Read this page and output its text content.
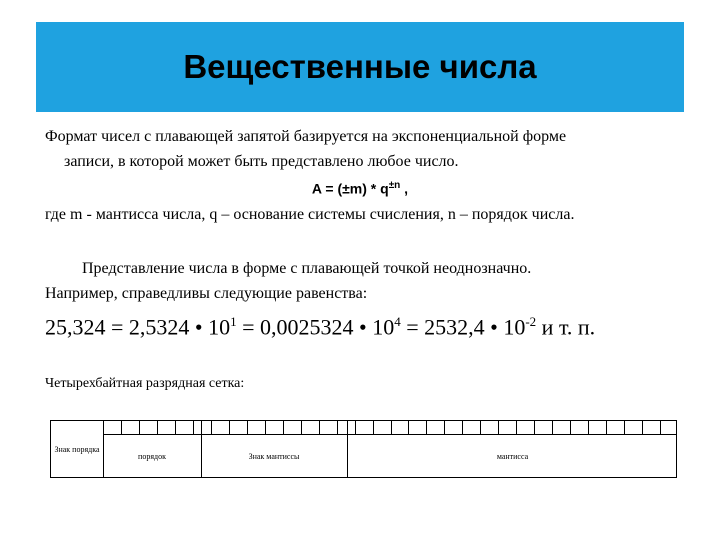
Вещественные числа
Формат чисел с плавающей запятой базируется на экспоненциальной форме
записи, в которой может быть представлено любое число.
$A = (\pm m) * q^{\pm n}$ ,
где m - мантисса числа, q – основание системы счисления, n – порядок числа.
Представление числа в форме с плавающей точкой неоднозначно.
Например, справедливы следующие равенства:
25,324 = 2,5324 • $10^1 = 0,0025324$ • $10^4 = 2532,4$ • $10^{-2}$ и т. п.
Четырехбайтная разрядная сетка:
Знак порядка
порядок	Знак мантиссы	мантисса
